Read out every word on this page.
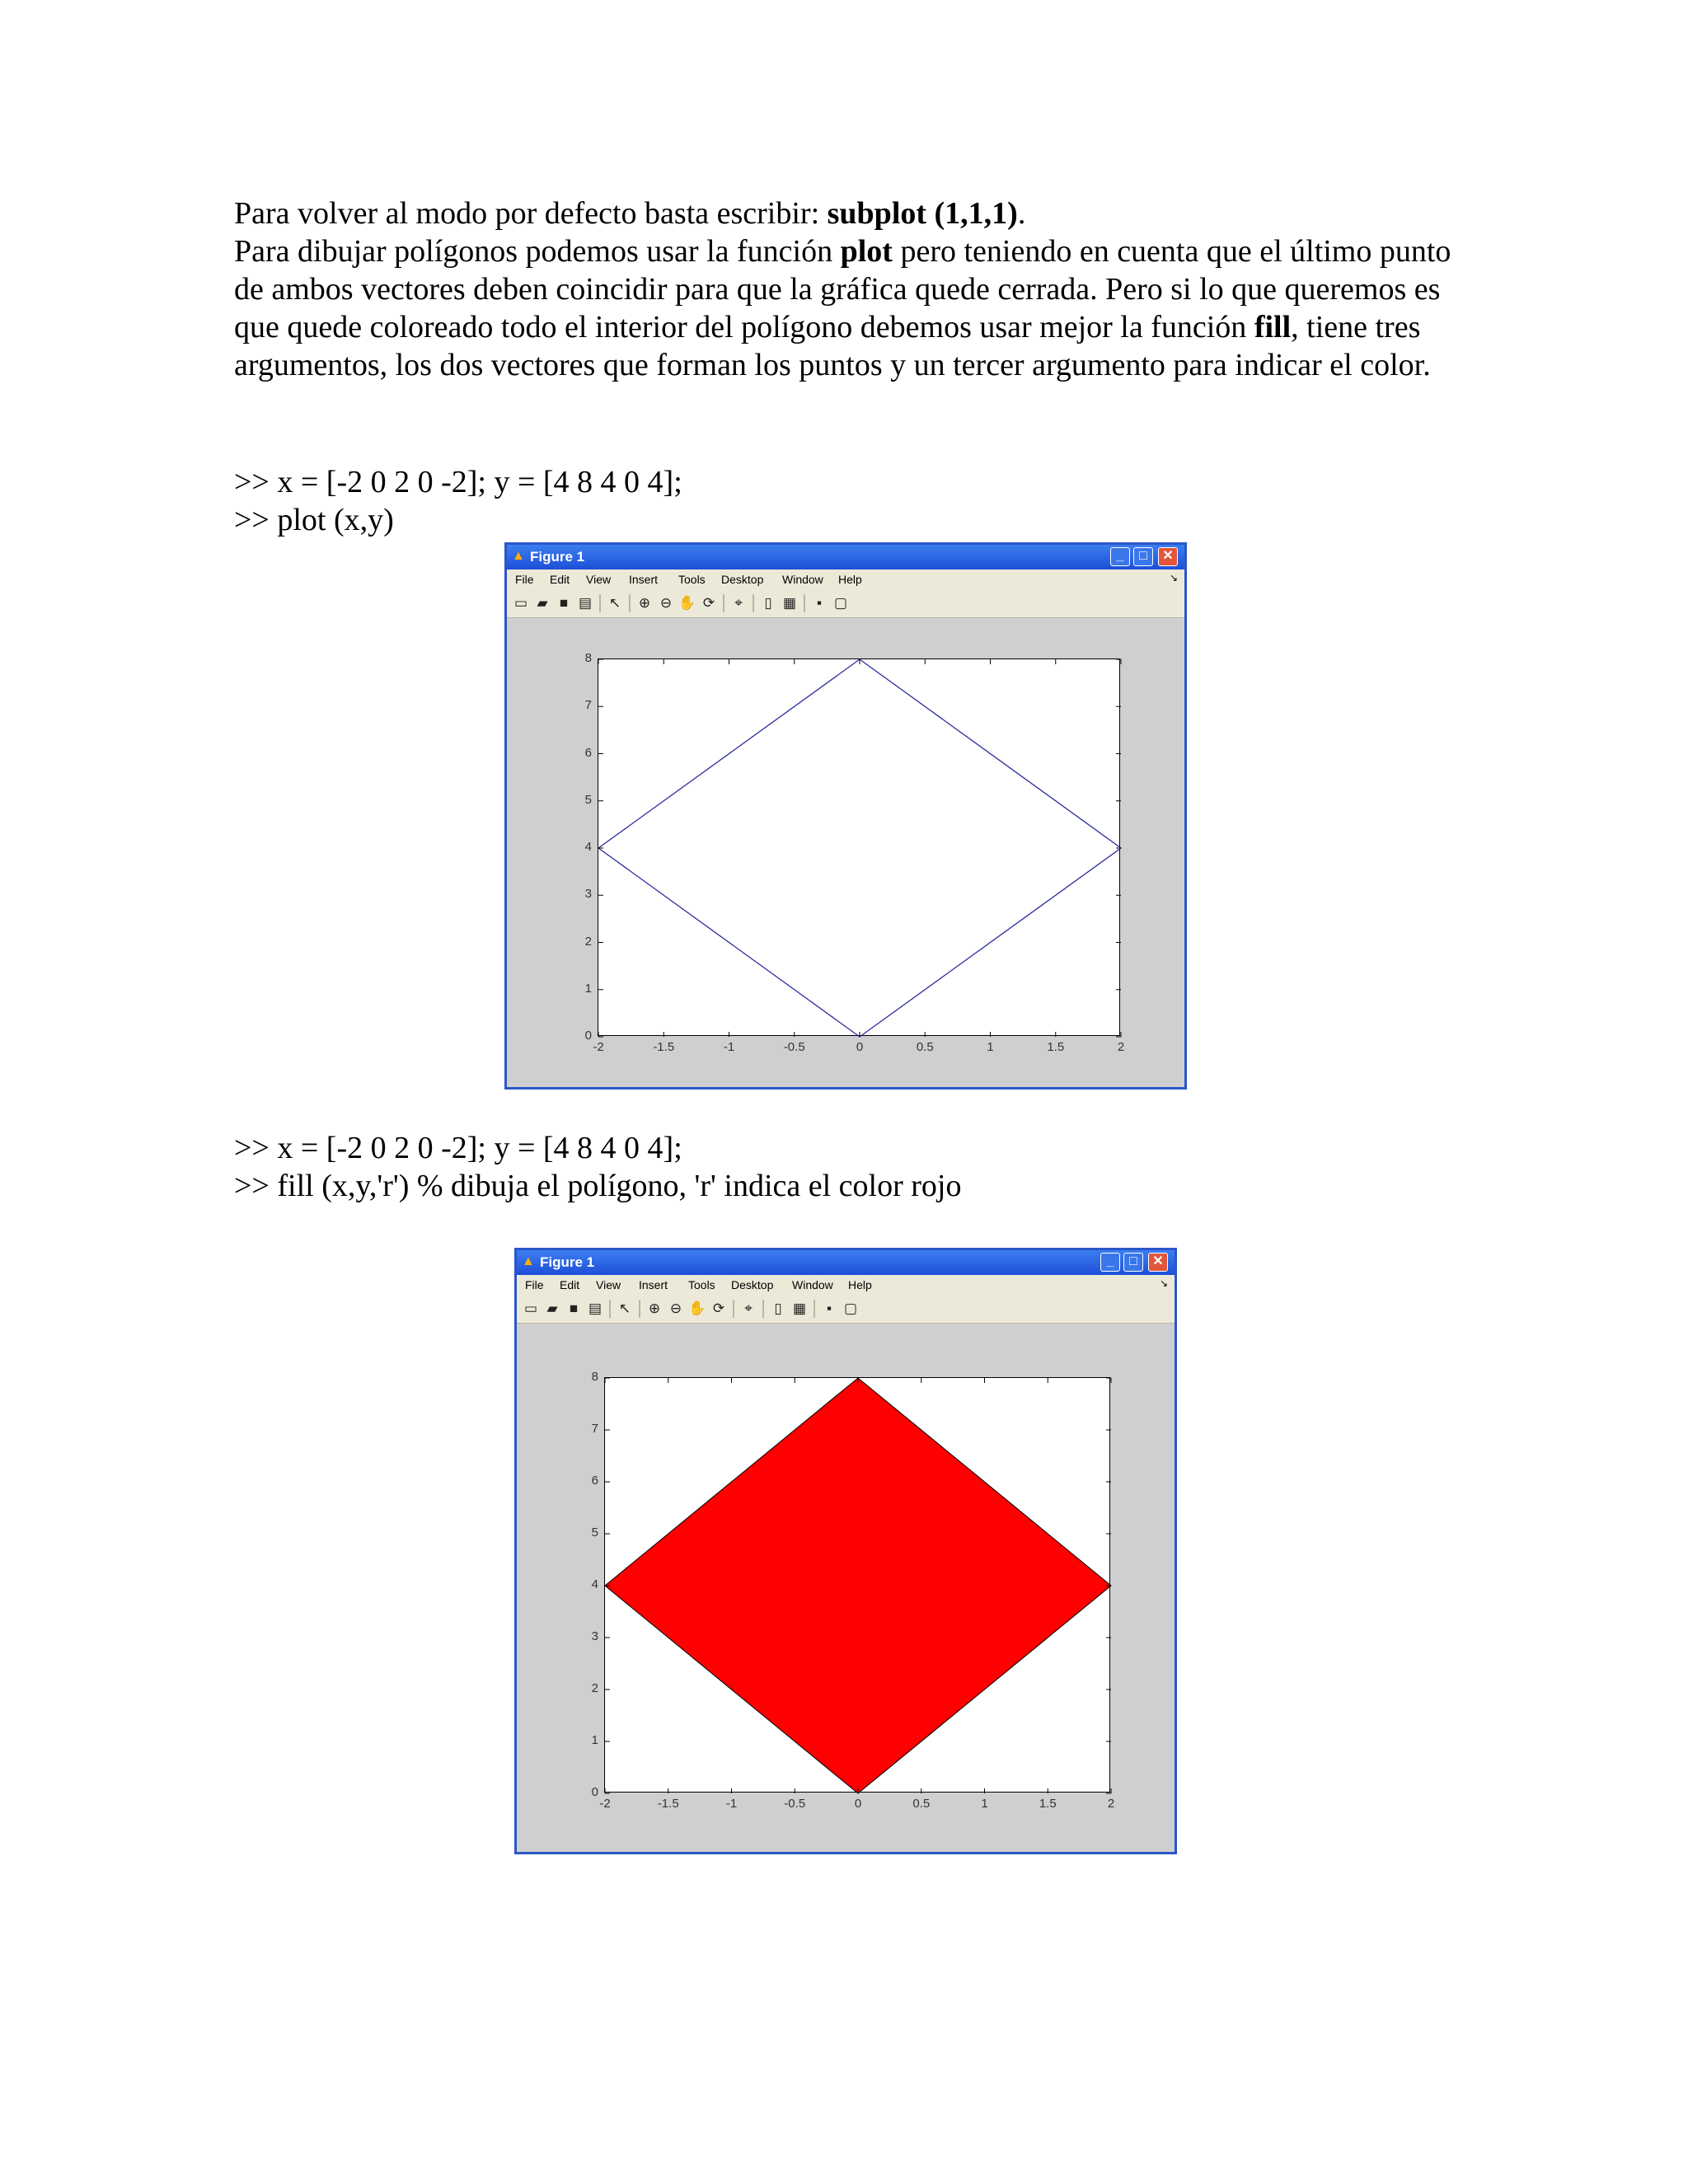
Para volver al modo por defecto basta escribir: subplot (1,1,1).
Para dibujar polígonos podemos usar la función plot pero teniendo en cuenta que el último punto de ambos vectores deben coincidir para que la gráfica quede cerrada. Pero si lo que queremos es que quede coloreado todo el interior del polígono debemos usar mejor la función fill, tiene tres argumentos, los dos vectores que forman los puntos y un tercer argumento para indicar el color.
>> x = [-2 0 2 0 -2]; y = [4 8 4 0 4];
>> plot (x,y)
▲ Figure 1	_	□	✕
File Edit View Insert Tools Desktop Window Help	↘
▭ ▰ ■ ▤ ↖ ⊕ ⊖ ✋ ⟳	⌖	▯ ▦	▪ ▢
-2	-1.5	-1	-0.5	0	0.5	1	1.5	2
0
1
2
3
4
5
6
7
8
>> x = [-2 0 2 0 -2]; y = [4 8 4 0 4];
>> fill (x,y,'r') % dibuja el polígono, 'r' indica el color rojo
▲ Figure 1	_	□	✕
File Edit View Insert Tools Desktop Window Help	↘
▭ ▰ ■ ▤ ↖ ⊕ ⊖ ✋ ⟳	⌖	▯ ▦	▪ ▢
-2	-1.5	-1	-0.5	0	0.5	1	1.5	2
0
1
2
3
4
5
6
7
8
